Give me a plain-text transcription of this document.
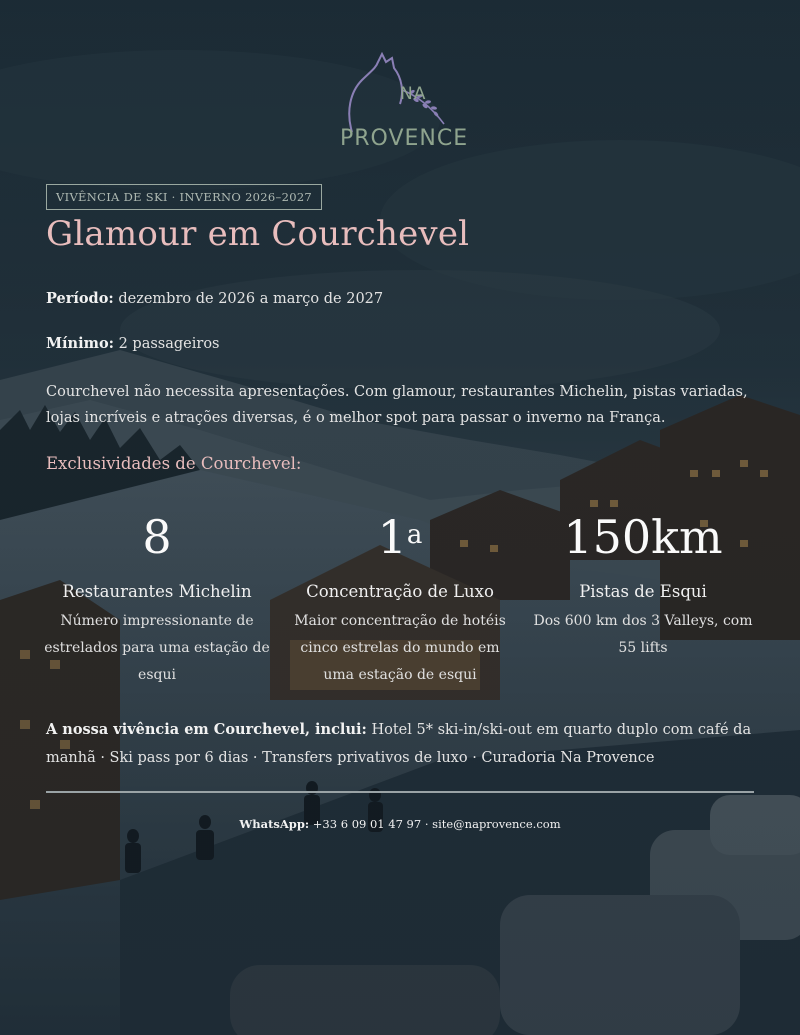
NA
PROVENCE
VIVÊNCIA DE SKI · INVERNO 2026–2027
Glamour em Courchevel
Período: dezembro de 2026 a março de 2027
Mínimo: 2 passageiros

Courchevel não necessita apresentações. Com glamour, restaurantes Michelin, pistas variadas, lojas incríveis e atrações diversas, é o melhor spot para passar o inverno na França.

Exclusividades de Courchevel:
8
Restaurantes Michelin
Número impressionante de estrelados para uma estação de esqui
1$^a$
Concentração de Luxo
Maior concentração de hotéis cinco estrelas do mundo em uma estação de esqui
150km
Pistas de Esqui
Dos 600 km dos 3 Valleys, com 55 lifts

A nossa vivência em Courchevel, inclui: Hotel 5* ski-in/ski-out em quarto duplo com café da manhã · Ski pass por 6 dias · Transfers privativos de luxo · Curadoria Na Provence

WhatsApp: +33 6 09 01 47 97 · site@naprovence.com
